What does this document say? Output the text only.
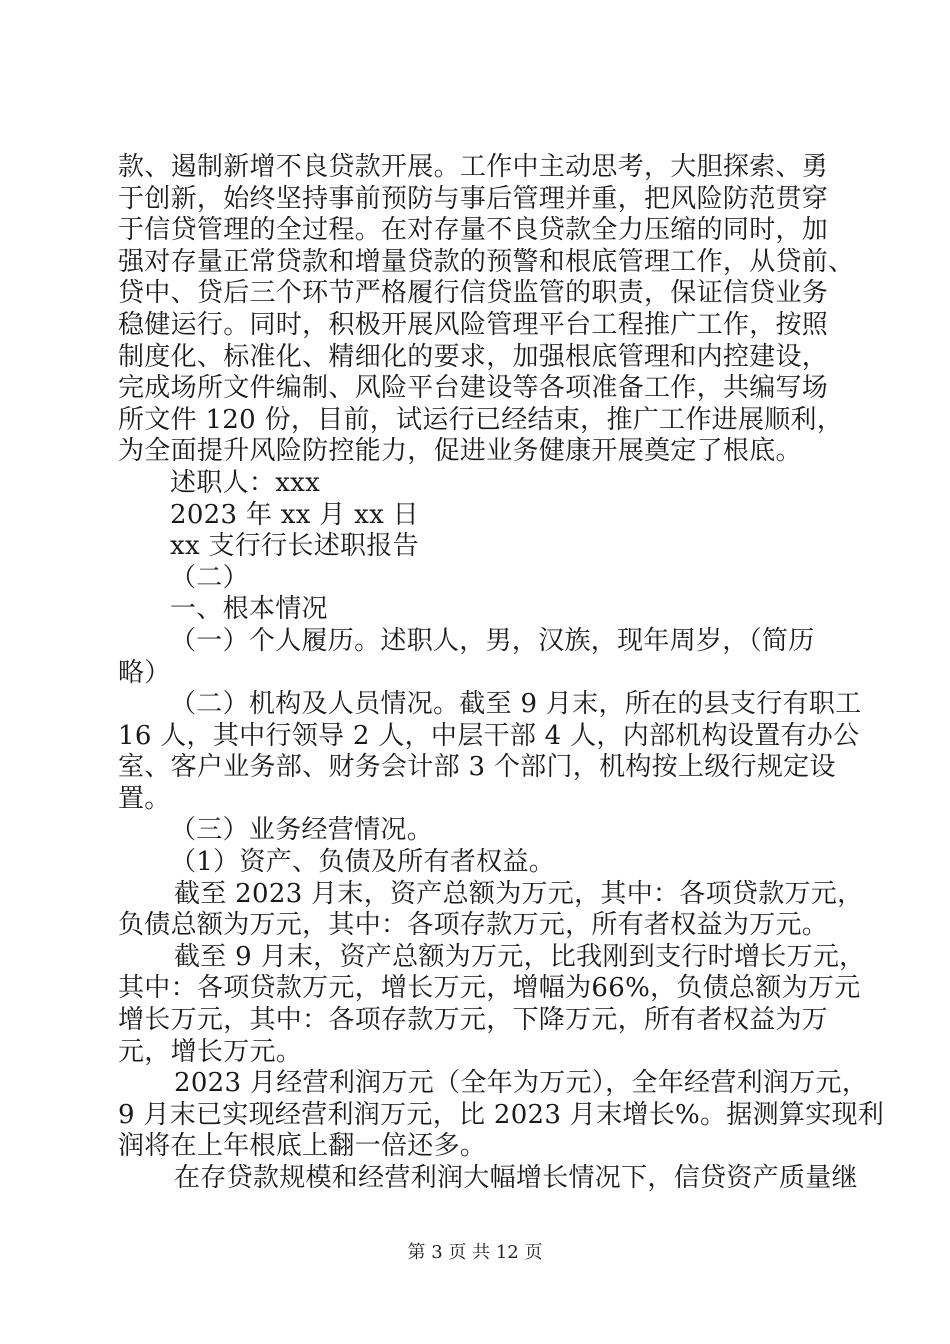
款、遏制新增不良贷款开展。工作中主动思考，大胆探索、勇
于创新，始终坚持事前预防与事后管理并重，把风险防范贯穿
于信贷管理的全过程。在对存量不良贷款全力压缩的同时，加
强对存量正常贷款和增量贷款的预警和根底管理工作，从贷前、
贷中、贷后三个环节严格履行信贷监管的职责，保证信贷业务
稳健运行。同时，积极开展风险管理平台工程推广工作，按照
制度化、标准化、精细化的要求，加强根底管理和内控建设，
完成场所文件编制、风险平台建设等各项准备工作，共编写场
所文件 120 份，目前，试运行已经结束，推广工作进展顺利，
为全面提升风险防控能力，促进业务健康开展奠定了根底。
述职人：xxx
2023 年 xx 月 xx 日
xx 支行行长述职报告
（二）
一、根本情况
（一）个人履历。述职人，男，汉族，现年周岁，（简历
略）
（二）机构及人员情况。截至 9 月末，所在的县支行有职工
16 人，其中行领导 2 人，中层干部 4 人，内部机构设置有办公
室、客户业务部、财务会计部 3 个部门，机构按上级行规定设
置。
（三）业务经营情况。
（1）资产、负债及所有者权益。
截至 2023 月末，资产总额为万元，其中：各项贷款万元，
负债总额为万元，其中：各项存款万元，所有者权益为万元。
截至 9 月末，资产总额为万元，比我刚到支行时增长万元，
其中：各项贷款万元，增长万元，增幅为66%，负债总额为万元
增长万元，其中：各项存款万元，下降万元，所有者权益为万
元，增长万元。
2023 月经营利润万元（全年为万元），全年经营利润万元，
9 月末已实现经营利润万元，比 2023 月末增长%。据测算实现利
润将在上年根底上翻一倍还多。
在存贷款规模和经营利润大幅增长情况下，信贷资产质量继
第 3 页 共 12 页
